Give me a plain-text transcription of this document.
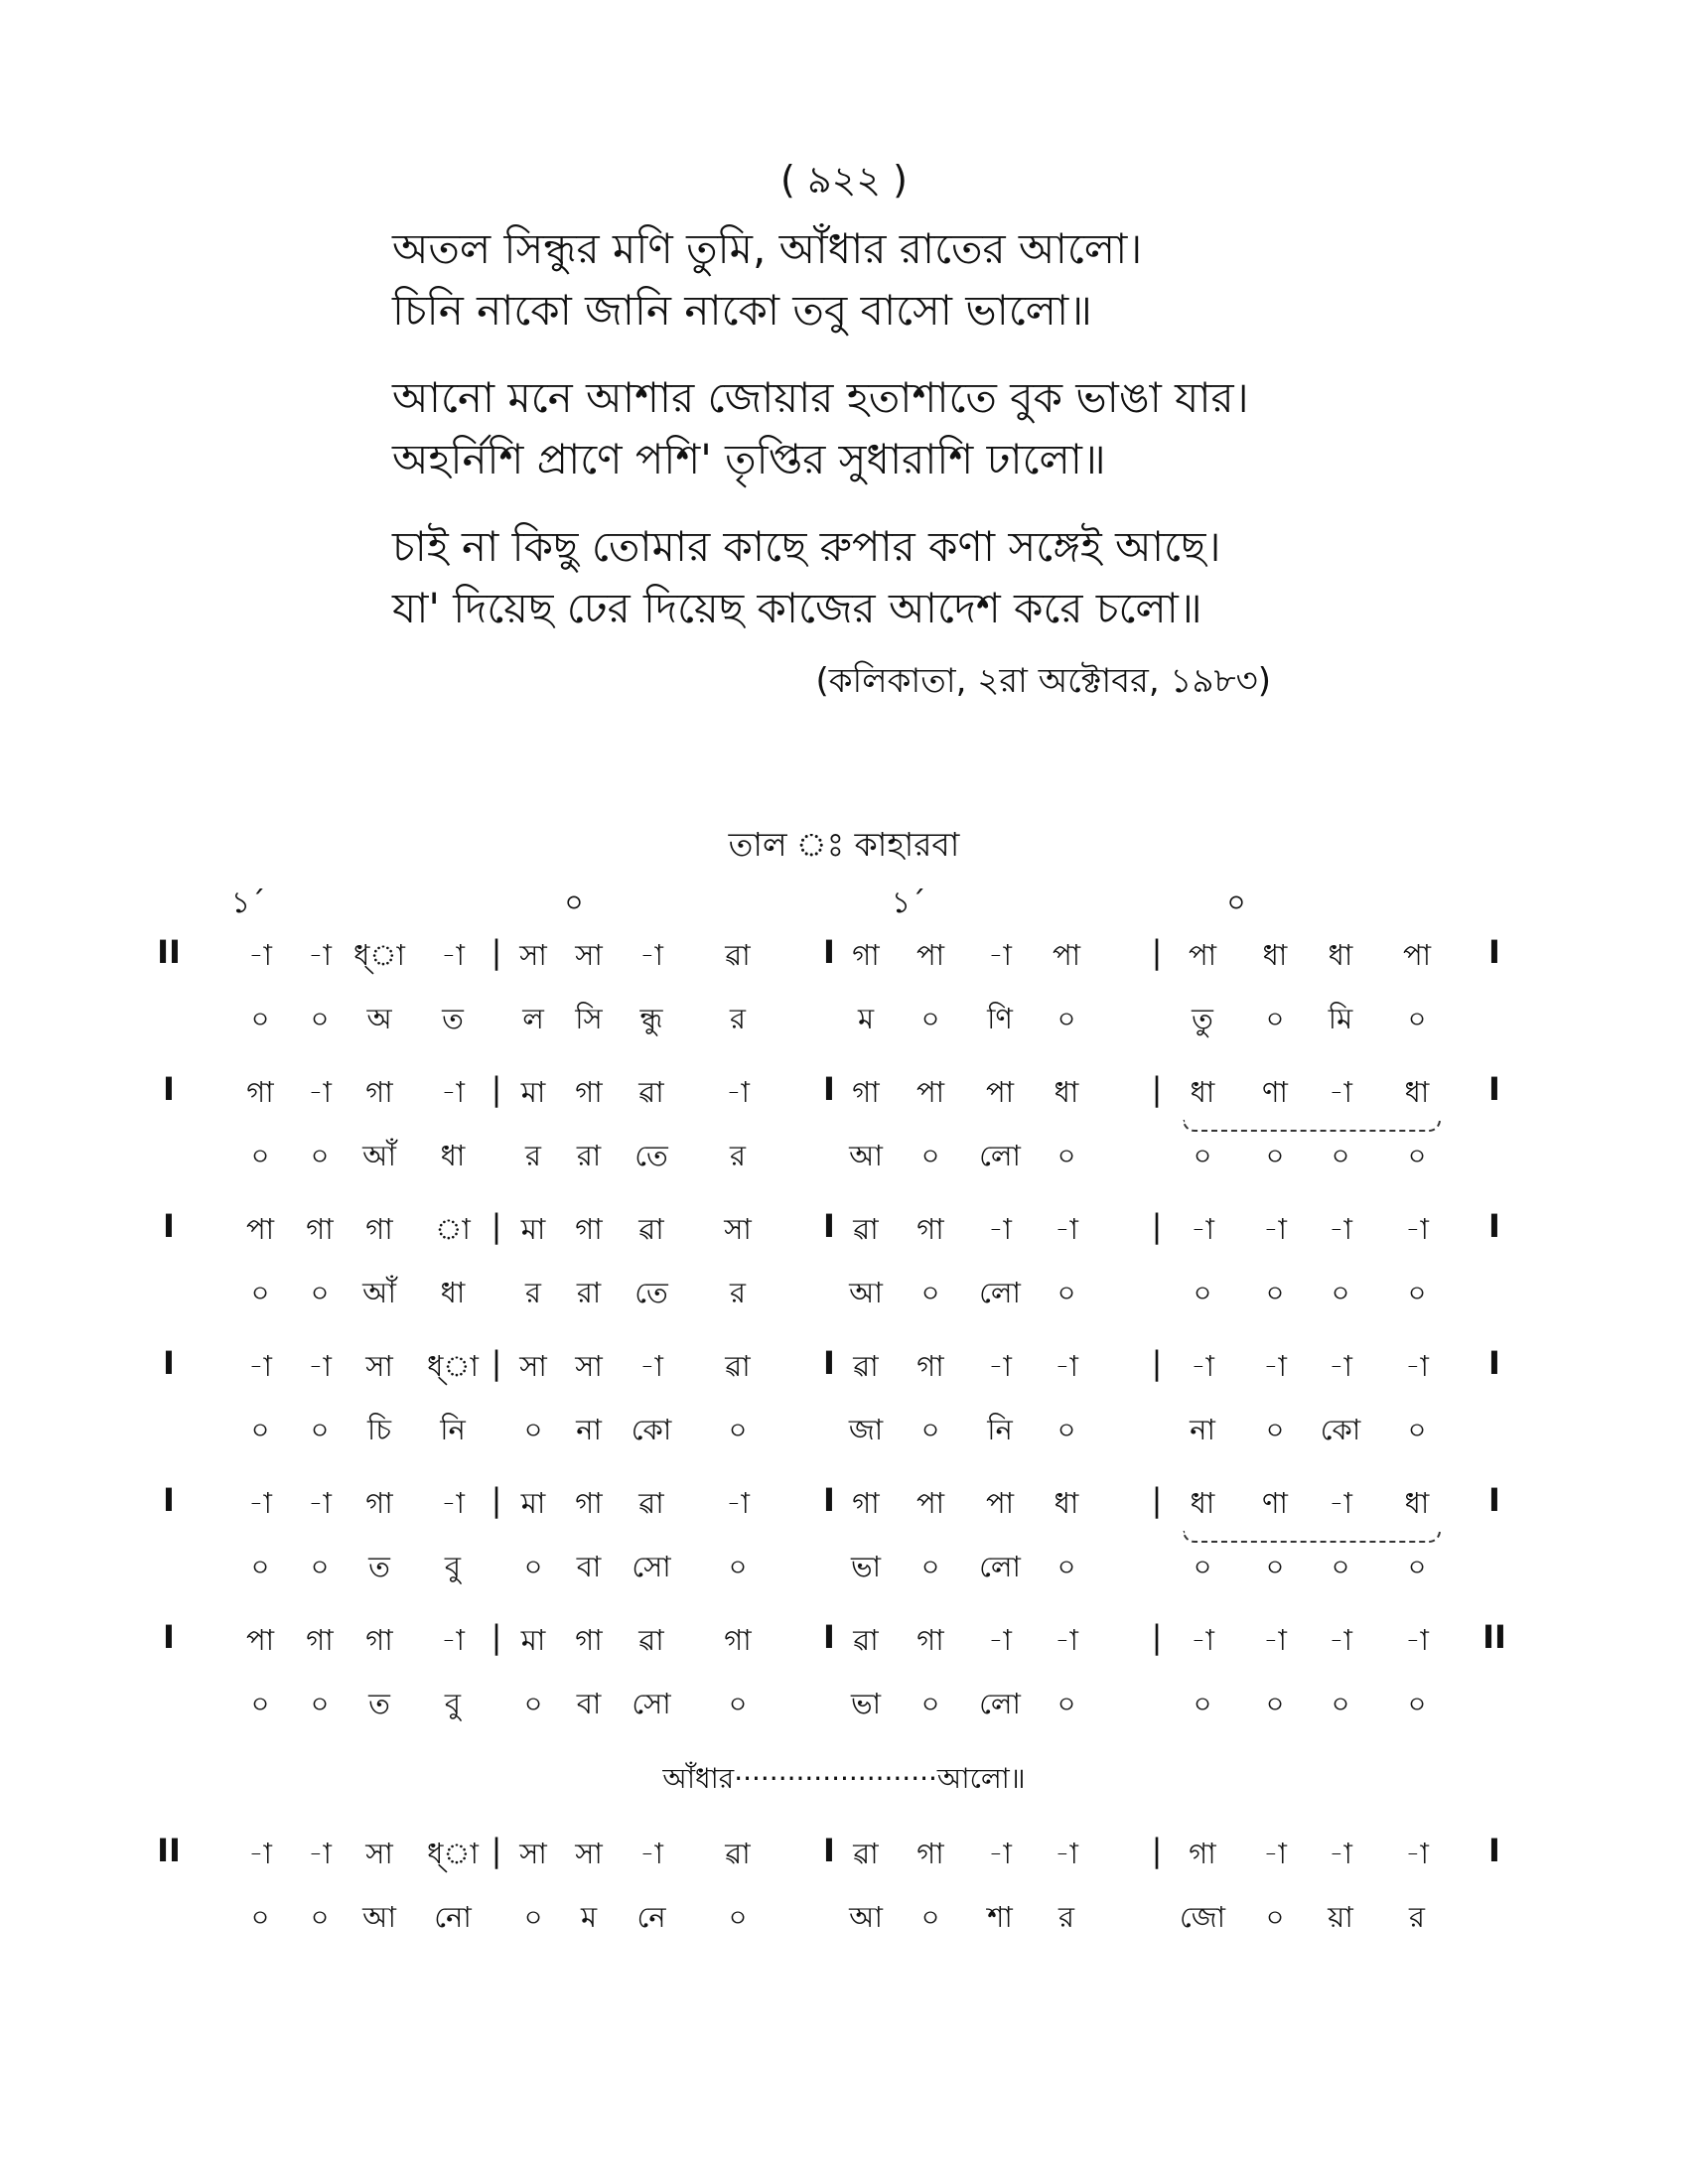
( ৯২২ )
অতল সিন্ধুর মণি তুমি, আঁধার রাতের আলো।
চিনি নাকো জানি নাকো তবু বাসো ভালো॥
আনো মনে আশার জোয়ার হতাশাতে বুক ভাঙা যার।
অহর্নিশি প্রাণে পশি' তৃপ্তির সুধারাশি ঢালো॥
চাই না কিছু তোমার কাছে রুপার কণা সঙ্গেই আছে।
যা' দিয়েছ ঢের দিয়েছ কাজের আদেশ করে চলো॥
(কলিকাতা, ২রা অক্টোবর, ১৯৮৩)
তাল ঃ কাহারবা
১´	০	১´	০
II	|	I	|	I
-া -া ধ্া -া সা সা -া ৱা	গা পা -া পা	পা ধা ধা পা
০ ০ অ ত ল সি ন্ধু র	ম ০ ণি ০	তু ০ মি ০
I	|	I	|	I
গা -া গা -া মা গা ৱা -া	গা পা পা ধা	ধা ণা -া ধা
০ ০ আঁ ধা র রা তে র	আ ০ লো ০	০ ০ ০ ০
I	|	I	|	I
পা গা গা া মা গা ৱা সা	ৱা গা -া -া	-া -া -া -া
০ ০ আঁ ধা র রা তে র	আ ০ লো ০	০ ০ ০ ০
I	|	I	|	I
-া -া সা ধ্া সা সা -া ৱা	ৱা গা -া -া	-া -া -া -া
০ ০ চি নি ০ না কো ০	জা ০ নি ০	না ০ কো ০
I	|	I	|	I
-া -া গা -া মা গা ৱা -া	গা পা পা ধা	ধা ণা -া ধা
০ ০ ত বু ০ বা সো ০	ভা ০ লো ০	০ ০ ০ ০
I	|	I	|	II
পা গা গা -া মা গা ৱা গা	ৱা গা -া -া	-া -া -া -া
০ ০ ত বু ০ বা সো ০	ভা ০ লো ০	০ ০ ০ ০
আঁধার·······················আলো॥
II	|	I	|	I
-া -া সা ধ্া সা সা -া ৱা	ৱা গা -া -া	গা -া -া -া
০ ০ আ নো ০ ম নে ০	আ ০ শা র	জো ০ য়া র
